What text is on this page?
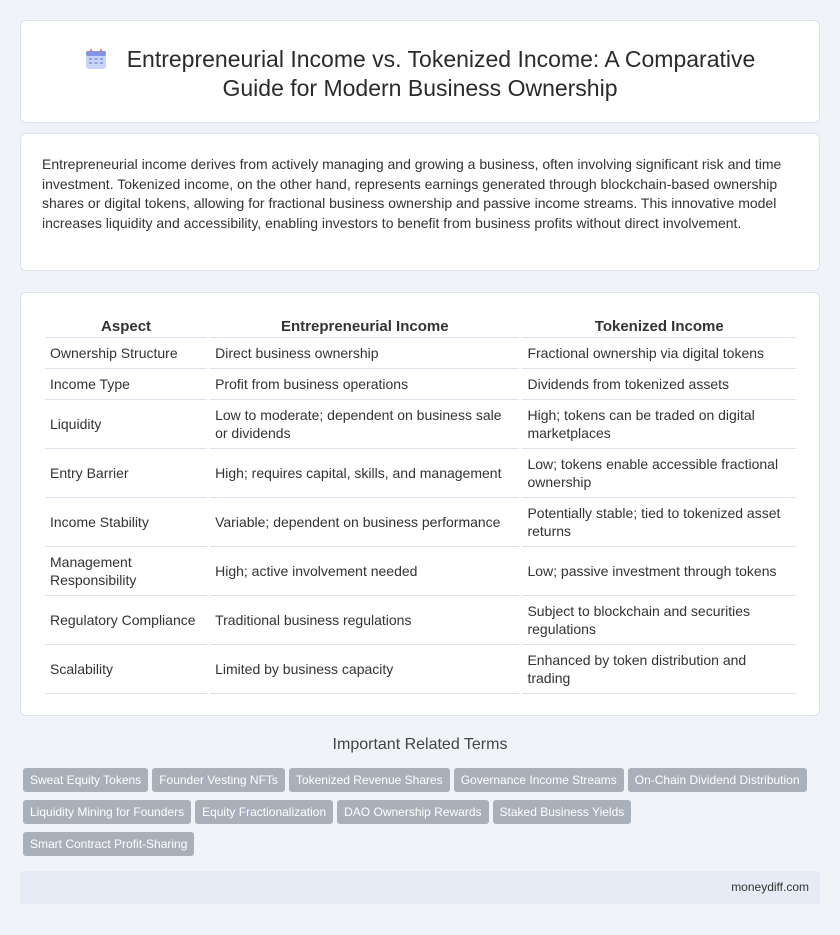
Entrepreneurial Income vs. Tokenized Income: A Comparative Guide for Modern Business Ownership

Entrepreneurial income derives from actively managing and growing a business, often involving significant risk and time investment. Tokenized income, on the other hand, represents earnings generated through blockchain-based ownership shares or digital tokens, allowing for fractional business ownership and passive income streams. This innovative model increases liquidity and accessibility, enabling investors to benefit from business profits without direct involvement.

Aspect	Entrepreneurial Income	Tokenized Income
Ownership Structure	Direct business ownership	Fractional ownership via digital tokens
Income Type	Profit from business operations	Dividends from tokenized assets
Liquidity	Low to moderate; dependent on business sale or dividends	High; tokens can be traded on digital marketplaces
Entry Barrier	High; requires capital, skills, and management	Low; tokens enable accessible fractional ownership
Income Stability	Variable; dependent on business performance	Potentially stable; tied to tokenized asset returns
Management Responsibility	High; active involvement needed	Low; passive investment through tokens
Regulatory Compliance	Traditional business regulations	Subject to blockchain and securities regulations
Scalability	Limited by business capacity	Enhanced by token distribution and trading
Important Related Terms
Sweat Equity Tokens Founder Vesting NFTs Tokenized Revenue Shares Governance Income Streams On-Chain Dividend Distribution
Liquidity Mining for Founders Equity Fractionalization DAO Ownership Rewards Staked Business Yields
Smart Contract Profit-Sharing
moneydiff.com
